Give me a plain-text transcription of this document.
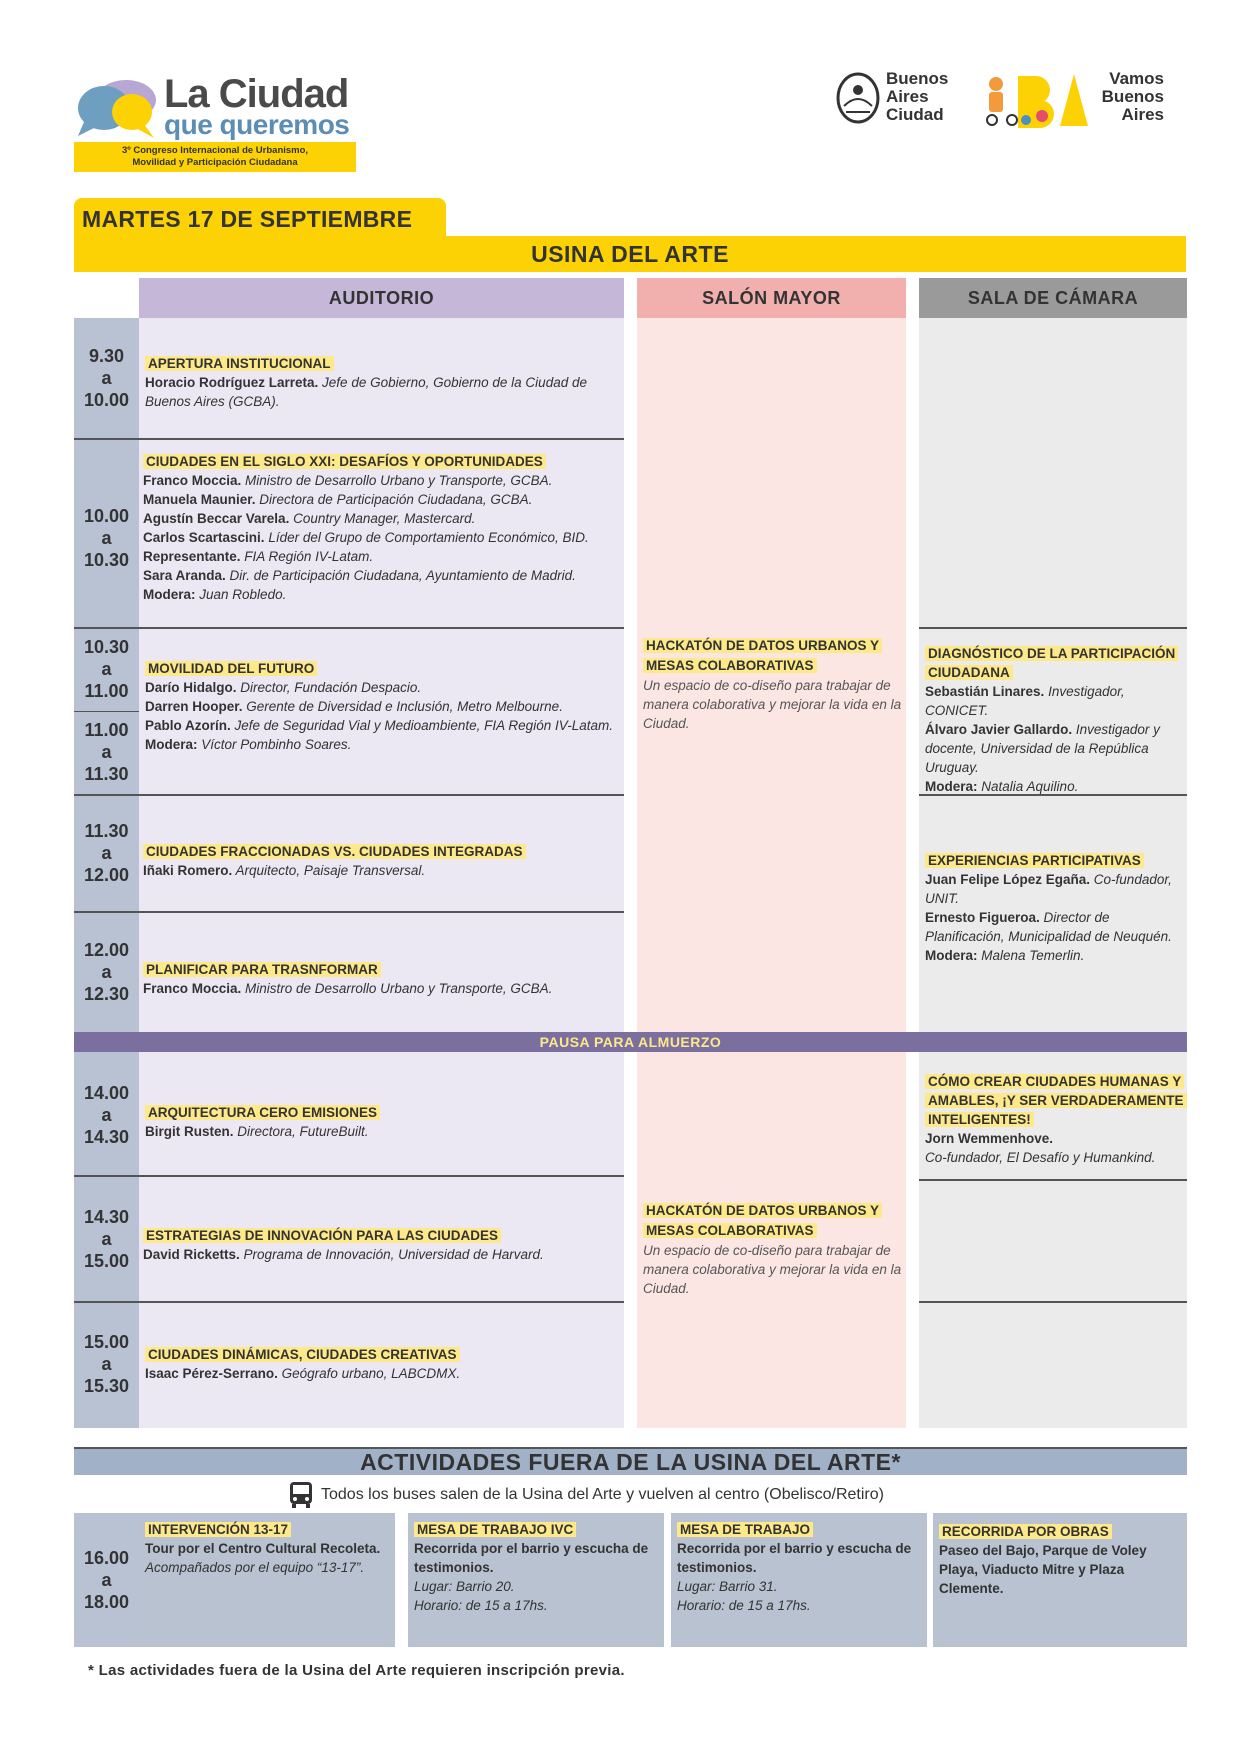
La Ciudad
que queremos
3º Congreso Internacional de Urbanismo,
Movilidad y Participación Ciudadana
Buenos
Aires
Ciudad
Vamos
Buenos
Aires
MARTES 17 DE SEPTIEMBRE
USINA DEL ARTE
AUDITORIO	SALÓN MAYOR	SALA DE CÁMARA
9.30
a
10.00
10.00
a
10.30
10.30
a
11.00
11.00
a
11.30
11.30
a
12.00
12.00
a
12.30
14.00
a
14.30
14.30
a
15.00
15.00
a
15.30
APERTURA INSTITUCIONAL
Horacio Rodríguez Larreta. Jefe de Gobierno, Gobierno de la Ciudad de Buenos Aires (GCBA).
CIUDADES EN EL SIGLO XXI: DESAFÍOS Y OPORTUNIDADES
Franco Moccia. Ministro de Desarrollo Urbano y Transporte, GCBA.
Manuela Maunier. Directora de Participación Ciudadana, GCBA.
Agustín Beccar Varela. Country Manager, Mastercard.
Carlos Scartascini. Líder del Grupo de Comportamiento Económico, BID.
Representante. FIA Región IV-Latam.
Sara Aranda. Dir. de Participación Ciudadana, Ayuntamiento de Madrid.
Modera: Juan Robledo.
MOVILIDAD DEL FUTURO
Darío Hidalgo. Director, Fundación Despacio.
Darren Hooper. Gerente de Diversidad e Inclusión, Metro Melbourne.
Pablo Azorín. Jefe de Seguridad Vial y Medioambiente, FIA Región IV-Latam.
Modera: Víctor Pombinho Soares.
CIUDADES FRACCIONADAS VS. CIUDADES INTEGRADAS
Iñaki Romero. Arquitecto, Paisaje Transversal.
PLANIFICAR PARA TRASNFORMAR
Franco Moccia. Ministro de Desarrollo Urbano y Transporte, GCBA.
ARQUITECTURA CERO EMISIONES
Birgit Rusten. Directora, FutureBuilt.
ESTRATEGIAS DE INNOVACIÓN PARA LAS CIUDADES
David Ricketts. Programa de Innovación, Universidad de Harvard.
CIUDADES DINÁMICAS, CIUDADES CREATIVAS
Isaac Pérez-Serrano. Geógrafo urbano, LABCDMX.
HACKATÓN DE DATOS URBANOS Y MESAS COLABORATIVAS
Un espacio de co-diseño para trabajar de manera colaborativa y mejorar la vida en la Ciudad.
HACKATÓN DE DATOS URBANOS Y MESAS COLABORATIVAS
Un espacio de co-diseño para trabajar de manera colaborativa y mejorar la vida en la Ciudad.
DIAGNÓSTICO DE LA PARTICIPACIÓN CIUDADANA
Sebastián Linares. Investigador, CONICET.
Álvaro Javier Gallardo. Investigador y docente, Universidad de la República Uruguay.
Modera: Natalia Aquilino.
EXPERIENCIAS PARTICIPATIVAS
Juan Felipe López Egaña. Co-fundador, UNIT.
Ernesto Figueroa. Director de Planificación, Municipalidad de Neuquén.
Modera: Malena Temerlin.
CÓMO CREAR CIUDADES HUMANAS Y AMABLES, ¡Y SER VERDADERAMENTE INTELIGENTES!
Jorn Wemmenhove.
Co-fundador, El Desafío y Humankind.
PAUSA PARA ALMUERZO
ACTIVIDADES FUERA DE LA USINA DEL ARTE*
Todos los buses salen de la Usina del Arte y vuelven al centro (Obelisco/Retiro)
16.00
a
18.00
INTERVENCIÓN 13-17
Tour por el Centro Cultural Recoleta.
Acompañados por el equipo “13-17”.
MESA DE TRABAJO IVC
Recorrida por el barrio y escucha de testimonios.
Lugar: Barrio 20.
Horario: de 15 a 17hs.
MESA DE TRABAJO
Recorrida por el barrio y escucha de testimonios.
Lugar: Barrio 31.
Horario: de 15 a 17hs.
RECORRIDA POR OBRAS
Paseo del Bajo, Parque de Voley Playa, Viaducto Mitre y Plaza Clemente.
* Las actividades fuera de la Usina del Arte requieren inscripción previa.
